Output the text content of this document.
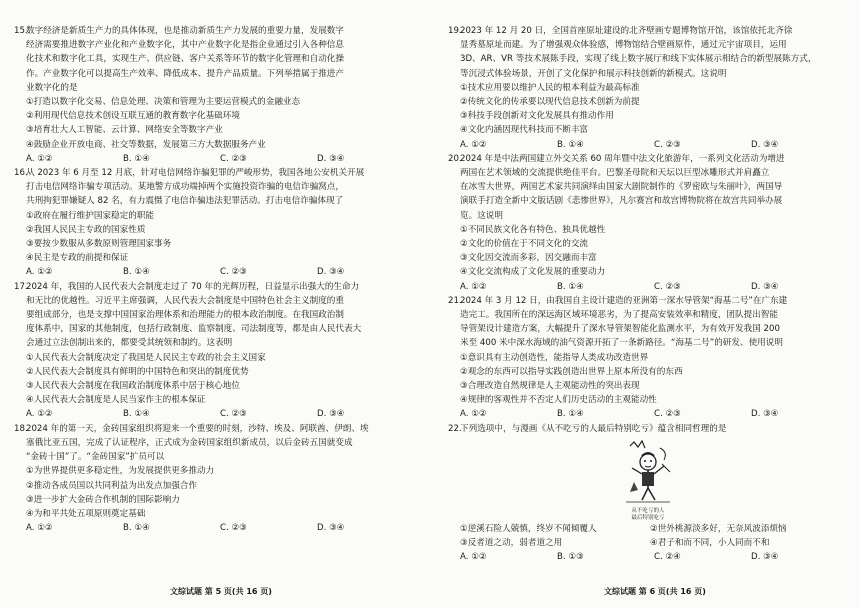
15.
数字经济是新质生产力的具体体现，也是推动新质生产力发展的重要力量，发展数字
经济需要推进数字产业化和产业数字化，其中产业数字化是指企业通过引入各种信息
化技术和数字化工具，实现生产、供应链、客户关系等环节的数字化管理和自动化操
作。产业数字化可以提高生产效率、降低成本、提升产品质量。下列举措属于推进产
业数字化的是
①打造以数字化交易、信息处理、决策和管理为主要运营模式的金融业态
②利用现代信息技术创设互联互通的教育数字化基础环境
③培育壮大人工智能、云计算、网络安全等数字产业
④鼓励企业开放电商、社交等数据，发展第三方大数据服务产业
A. ①②	B. ①④	C. ②③	D. ③④
16.
从 2023 年 6 月至 12 月底，针对电信网络诈骗犯罪的严峻形势，我国各地公安机关开展
打击电信网络诈骗专项活动。某地警方成功端掉两个实施投资诈骗的电信诈骗窝点，
共刑拘犯罪嫌疑人 82 名，有力震慑了电信诈骗违法犯罪活动。打击电信诈骗体现了
①政府在履行维护国家稳定的职能
②我国人民民主专政的国家性质
③要按少数服从多数原则管理国家事务
④民主是专政的前提和保证
A. ①②	B. ①④	C. ②③	D. ③④
17.
2024 年，我国的人民代表大会制度走过了 70 年的光辉历程，日益显示出强大的生命力
和无比的优越性。习近平主席强调，人民代表大会制度是中国特色社会主义制度的重
要组成部分，也是支撑中国国家治理体系和治理能力的根本政治制度。在我国政治制
度体系中，国家的其他制度，包括行政制度、监察制度、司法制度等，都是由人民代表大
会通过立法创制出来的，都要受其统领和制约。这表明
①人民代表大会制度决定了我国是人民民主专政的社会主义国家
②人民代表大会制度具有鲜明的中国特色和突出的制度优势
③人民代表大会制度在我国政治制度体系中居于核心地位
④人民代表大会制度是人民当家作主的根本保证
A. ①②	B. ①④	C. ②③	D. ③④
18.
2024 年的第一天，金砖国家组织将迎来一个重要的时刻，沙特、埃及、阿联酋、伊朗、埃
塞俄比亚五国，完成了认证程序，正式成为金砖国家组织新成员，以后金砖五国就变成
“金砖十国”了。“金砖国家”扩员可以
①为世界提供更多稳定性，为发展提供更多推动力
②推动各成员国以共同利益为出发点加强合作
③进一步扩大金砖合作机制的国际影响力
④为和平共处五项原则奠定基础
A. ①②	B. ①④	C. ②③	D. ③④
19.
2023 年 12 月 20 日，全国首座原址建设的北齐壁画专题博物馆开馆，该馆依托北齐徐
显秀墓原址而建。为了增强观众体验感，博物馆结合壁画原件，通过元宇宙项目，运用
3D、AR、VR 等技术展陈手段，实现了线上数字展厅和线下实体展示相结合的新型展陈方式，
等沉浸式体验场景，开创了文化保护和展示科技创新的新模式。这说明
①技术应用要以维护人民的根本利益为最高标准
②传统文化的传承要以现代信息技术创新为前提
③科技手段创新对文化发展具有推动作用
④文化内涵因现代科技而不断丰富
A. ①②	B. ①④	C. ②③	D. ③④
20.
2024 年是中法两国建立外交关系 60 周年暨中法文化旅游年，一系列文化活动为增进
两国在艺术领域的交流提供绝佳平台。巴黎圣母院和天坛以巨型冰雕形式并肩矗立
在冰雪大世界，两国艺术家共同演绎由国家大剧院制作的《罗密欧与朱丽叶》，两国导
演联手打造全新中文版话剧《悲惨世界》，凡尔赛宫和故宫博物院将在故宫共同举办展
览。这说明
①不同民族文化各有特色、独具优越性
②文化的价值在于不同文化的交流
③文化因交流而多彩，因交融而丰富
④文化交流构成了文化发展的重要动力
A. ①②	B. ①④	C. ②③	D. ③④
21.
2024 年 3 月 12 日，由我国自主设计建造的亚洲第一深水导管架“海基二号”在广东建
造完工。我国所在的深远海区域环境恶劣，为了提高安装效率和精度，团队提出智能
导管架设计建造方案，大幅提升了深水导管架智能化监测水平，为有效开发我国 200
米至 400 米中深水海域的油气资源开拓了一条新路径。“海基二号”的研发、使用说明
①意识具有主动创造性，能指导人类成功改造世界
②观念的东西可以指导实践创造出世界上原本所没有的东西
③合理改造自然规律是人主观能动性的突出表现
④规律的客观性并不否定人们历史活动的主观能动性
A. ①②	B. ①④	C. ②③	D. ③④
22.
下列选项中，与漫画《从不吃亏的人最后特别吃亏》蕴含相同哲理的是
从不吃亏的人
最后特别吃亏
①逆溪石险人兢慎，终岁不闻倾覆人	②世外桃源淡多好，无奈风波添烦恼
③反者道之动，弱者道之用	④君子和而不同，小人同而不和
A. ①②	B. ①③	C. ②④	D. ③④
文综试题 第 5 页(共 16 页)	文综试题 第 6 页(共 16 页)
